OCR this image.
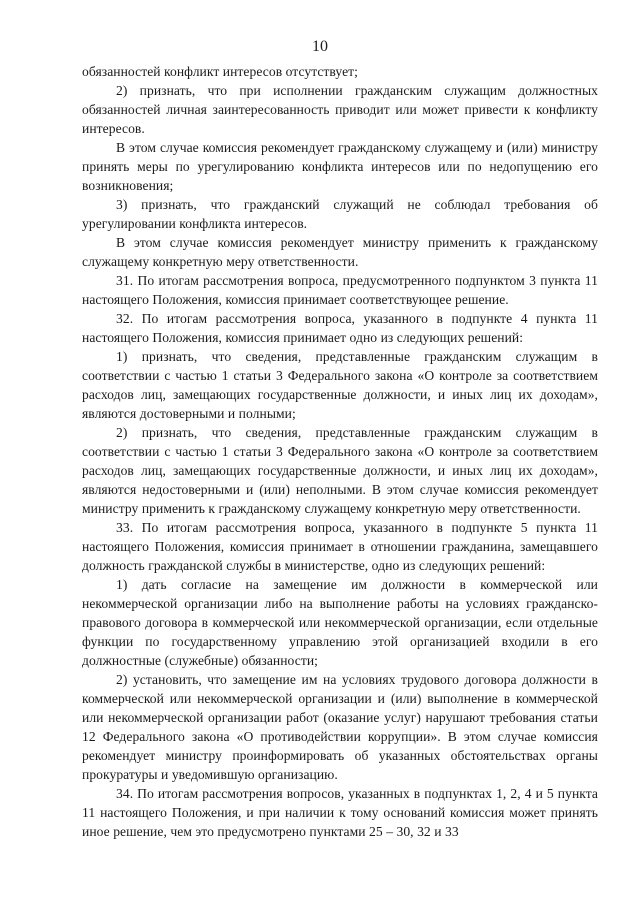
10

обязанностей конфликт интересов отсутствует;

2) признать, что при исполнении гражданским служащим должностных обязанностей личная заинтересованность приводит или может привести к конфликту интересов.

В этом случае комиссия рекомендует гражданскому служащему и (или) министру принять меры по урегулированию конфликта интересов или по недопущению его возникновения;

3) признать, что гражданский служащий не соблюдал требования об урегулировании конфликта интересов.

В этом случае комиссия рекомендует министру применить к гражданскому служащему конкретную меру ответственности.

31. По итогам рассмотрения вопроса, предусмотренного подпунктом 3 пункта 11 настоящего Положения, комиссия принимает соответствующее решение.

32. По итогам рассмотрения вопроса, указанного в подпункте 4 пункта 11 настоящего Положения, комиссия принимает одно из следующих решений:

1) признать, что сведения, представленные гражданским служащим в соответствии с частью 1 статьи 3 Федерального закона «О контроле за соответствием расходов лиц, замещающих государственные должности, и иных лиц их доходам», являются достоверными и полными;

2) признать, что сведения, представленные гражданским служащим в соответствии с частью 1 статьи 3 Федерального закона «О контроле за соответствием расходов лиц, замещающих государственные должности, и иных лиц их доходам», являются недостоверными и (или) неполными. В этом случае комиссия рекомендует министру применить к гражданскому служащему конкретную меру ответственности.

33. По итогам рассмотрения вопроса, указанного в подпункте 5 пункта 11 настоящего Положения, комиссия принимает в отношении гражданина, замещавшего должность гражданской службы в министерстве, одно из следующих решений:

1) дать согласие на замещение им должности в коммерческой или некоммерческой организации либо на выполнение работы на условиях гражданско-правового договора в коммерческой или некоммерческой организации, если отдельные функции по государственному управлению этой организацией входили в его должностные (служебные) обязанности;

2) установить, что замещение им на условиях трудового договора должности в коммерческой или некоммерческой организации и (или) выполнение в коммерческой или некоммерческой организации работ (оказание услуг) нарушают требования статьи 12 Федерального закона «О противодействии коррупции». В этом случае комиссия рекомендует министру проинформировать об указанных обстоятельствах органы прокуратуры и уведомившую организацию.

34. По итогам рассмотрения вопросов, указанных в подпунктах 1, 2, 4 и 5 пункта 11 настоящего Положения, и при наличии к тому оснований комиссия может принять иное решение, чем это предусмотрено пунктами 25 – 30, 32 и 33
